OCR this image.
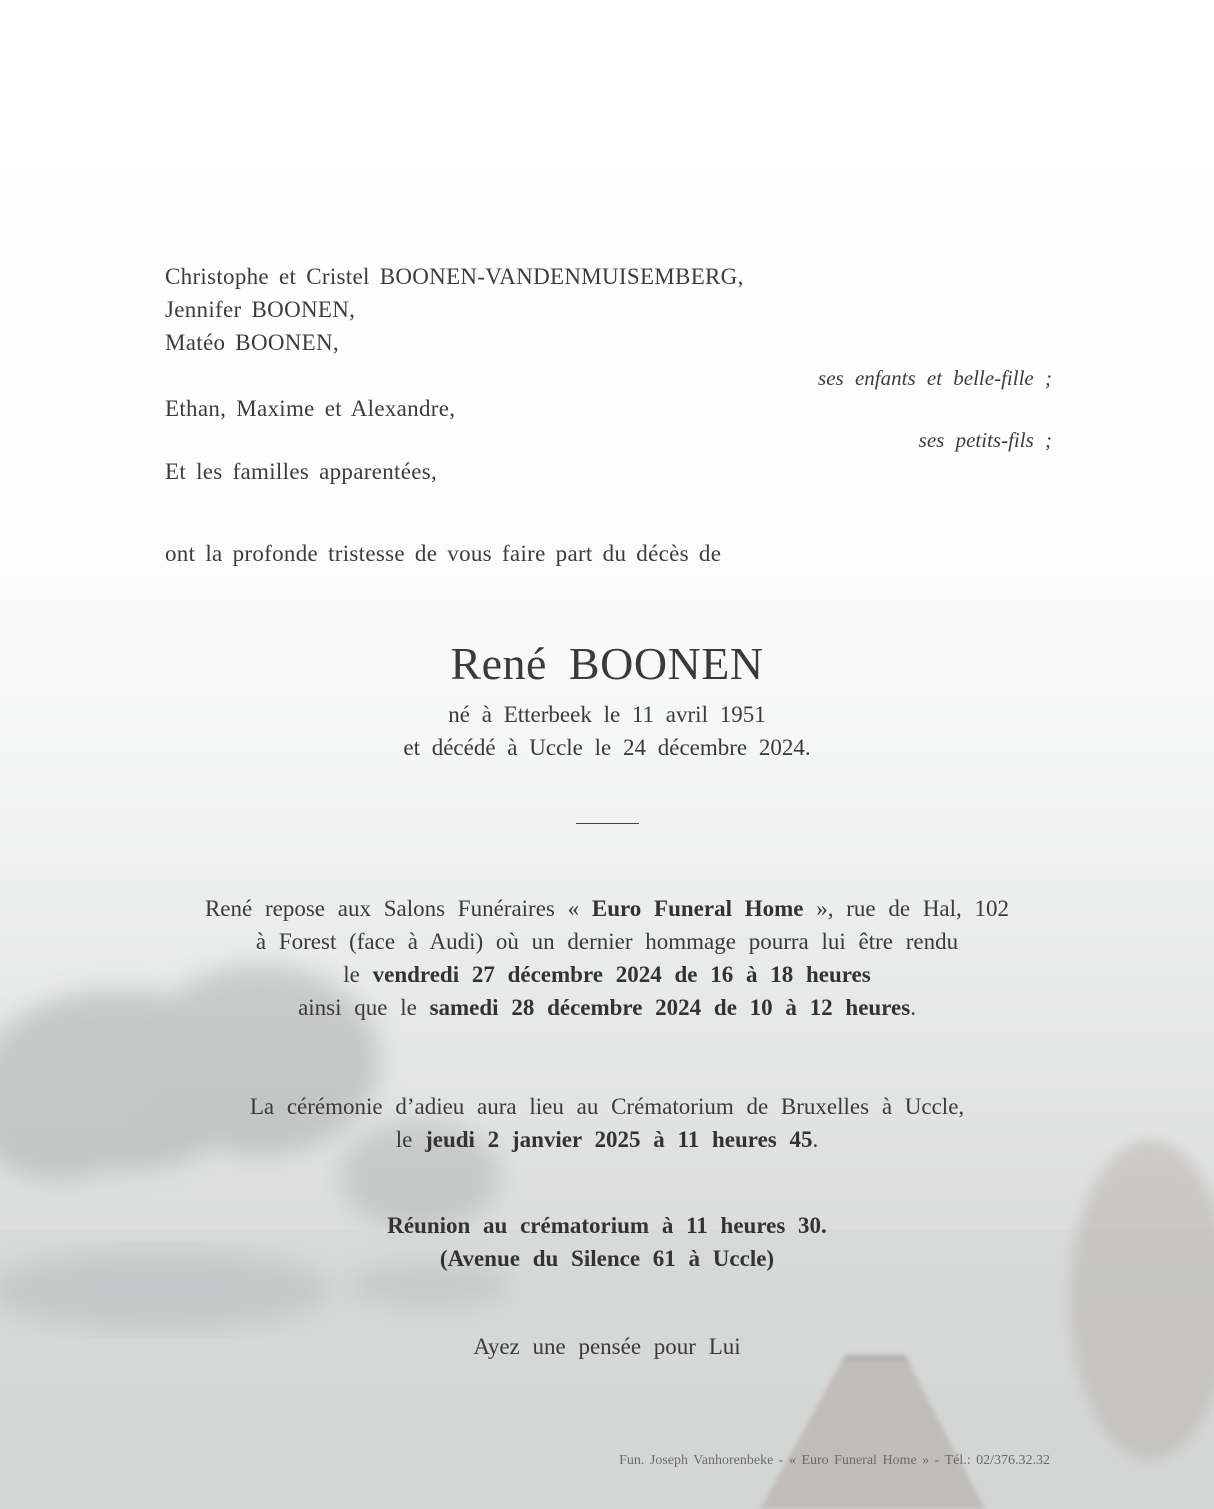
Christophe et Cristel BOONEN-VANDENMUISEMBERG,
Jennifer BOONEN,
Matéo BOONEN,
ses enfants et belle-fille ;
Ethan, Maxime et Alexandre,
ses petits-fils ;
Et les familles apparentées,
ont la profonde tristesse de vous faire part du décès de
René BOONEN
né à Etterbeek le 11 avril 1951
et décédé à Uccle le 24 décembre 2024.
René repose aux Salons Funéraires « Euro Funeral Home », rue de Hal, 102
à Forest (face à Audi) où un dernier hommage pourra lui être rendu
le vendredi 27 décembre 2024 de 16 à 18 heures
ainsi que le samedi 28 décembre 2024 de 10 à 12 heures.
La cérémonie d’adieu aura lieu au Crématorium de Bruxelles à Uccle,
le jeudi 2 janvier 2025 à 11 heures 45.
Réunion au crématorium à 11 heures 30.
(Avenue du Silence 61 à Uccle)
Ayez une pensée pour Lui
Fun. Joseph Vanhorenbeke - « Euro Funeral Home » - Tél.: 02/376.32.32
